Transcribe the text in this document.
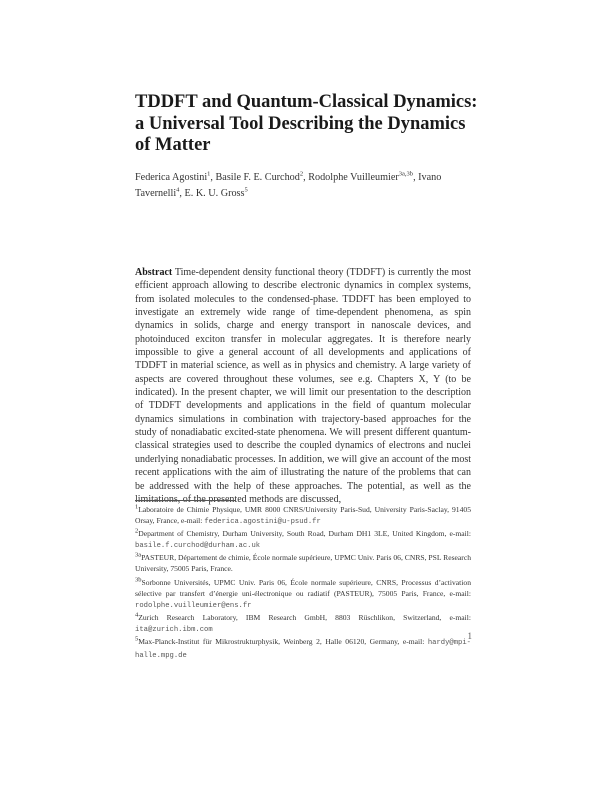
TDDFT and Quantum-Classical Dynamics: a Universal Tool Describing the Dynamics of Matter
Federica Agostini$^1$, Basile F. E. Curchod$^2$, Rodolphe Vuilleumier$^{3a,3b}$, Ivano Tavernelli$^4$, E. K. U. Gross$^5$
Abstract Time-dependent density functional theory (TDDFT) is currently the most efficient approach allowing to describe electronic dynamics in complex systems, from isolated molecules to the condensed-phase. TDDFT has been employed to investigate an extremely wide range of time-dependent phenomena, as spin dynamics in solids, charge and energy transport in nanoscale devices, and photoinduced exciton transfer in molecular aggregates. It is therefore nearly impossible to give a general account of all developments and applications of TDDFT in material science, as well as in physics and chemistry. A large variety of aspects are covered throughout these volumes, see e.g. Chapters X, Y (to be indicated). In the present chapter, we will limit our presentation to the description of TDDFT developments and applications in the field of quantum molecular dynamics simulations in combination with trajectory-based approaches for the study of nonadiabatic excited-state phenomena. We will present different quantum-classical strategies used to describe the coupled dynamics of electrons and nuclei underlying nonadiabatic processes. In addition, we will give an account of the most recent applications with the aim of illustrating the nature of the problems that can be addressed with the help of these approaches. The potential, as well as the limitations, of the presented methods are discussed,
$^1$Laboratoire de Chimie Physique, UMR 8000 CNRS/University Paris-Sud, University Paris-Saclay, 91405 Orsay, France, e-mail: federica.agostini@u-psud.fr
$^2$Department of Chemistry, Durham University, South Road, Durham DH1 3LE, United Kingdom, e-mail: basile.f.curchod@durham.ac.uk
$^{3a}$PASTEUR, Département de chimie, École normale supérieure, UPMC Univ. Paris 06, CNRS, PSL Research University, 75005 Paris, France.
$^{3b}$Sorbonne Universités, UPMC Univ. Paris 06, École normale supérieure, CNRS, Processus d’activation sélective par transfert d’énergie uni-électronique ou radiatif (PASTEUR), 75005 Paris, France, e-mail: rodolphe.vuilleumier@ens.fr
$^4$Zurich Research Laboratory, IBM Research GmbH, 8803 Rüschlikon, Switzerland, e-mail: ita@zurich.ibm.com
$^5$Max-Planck-Institut für Mikrostrukturphysik, Weinberg 2, Halle 06120, Germany, e-mail: hardy@mpi-halle.mpg.de
1
